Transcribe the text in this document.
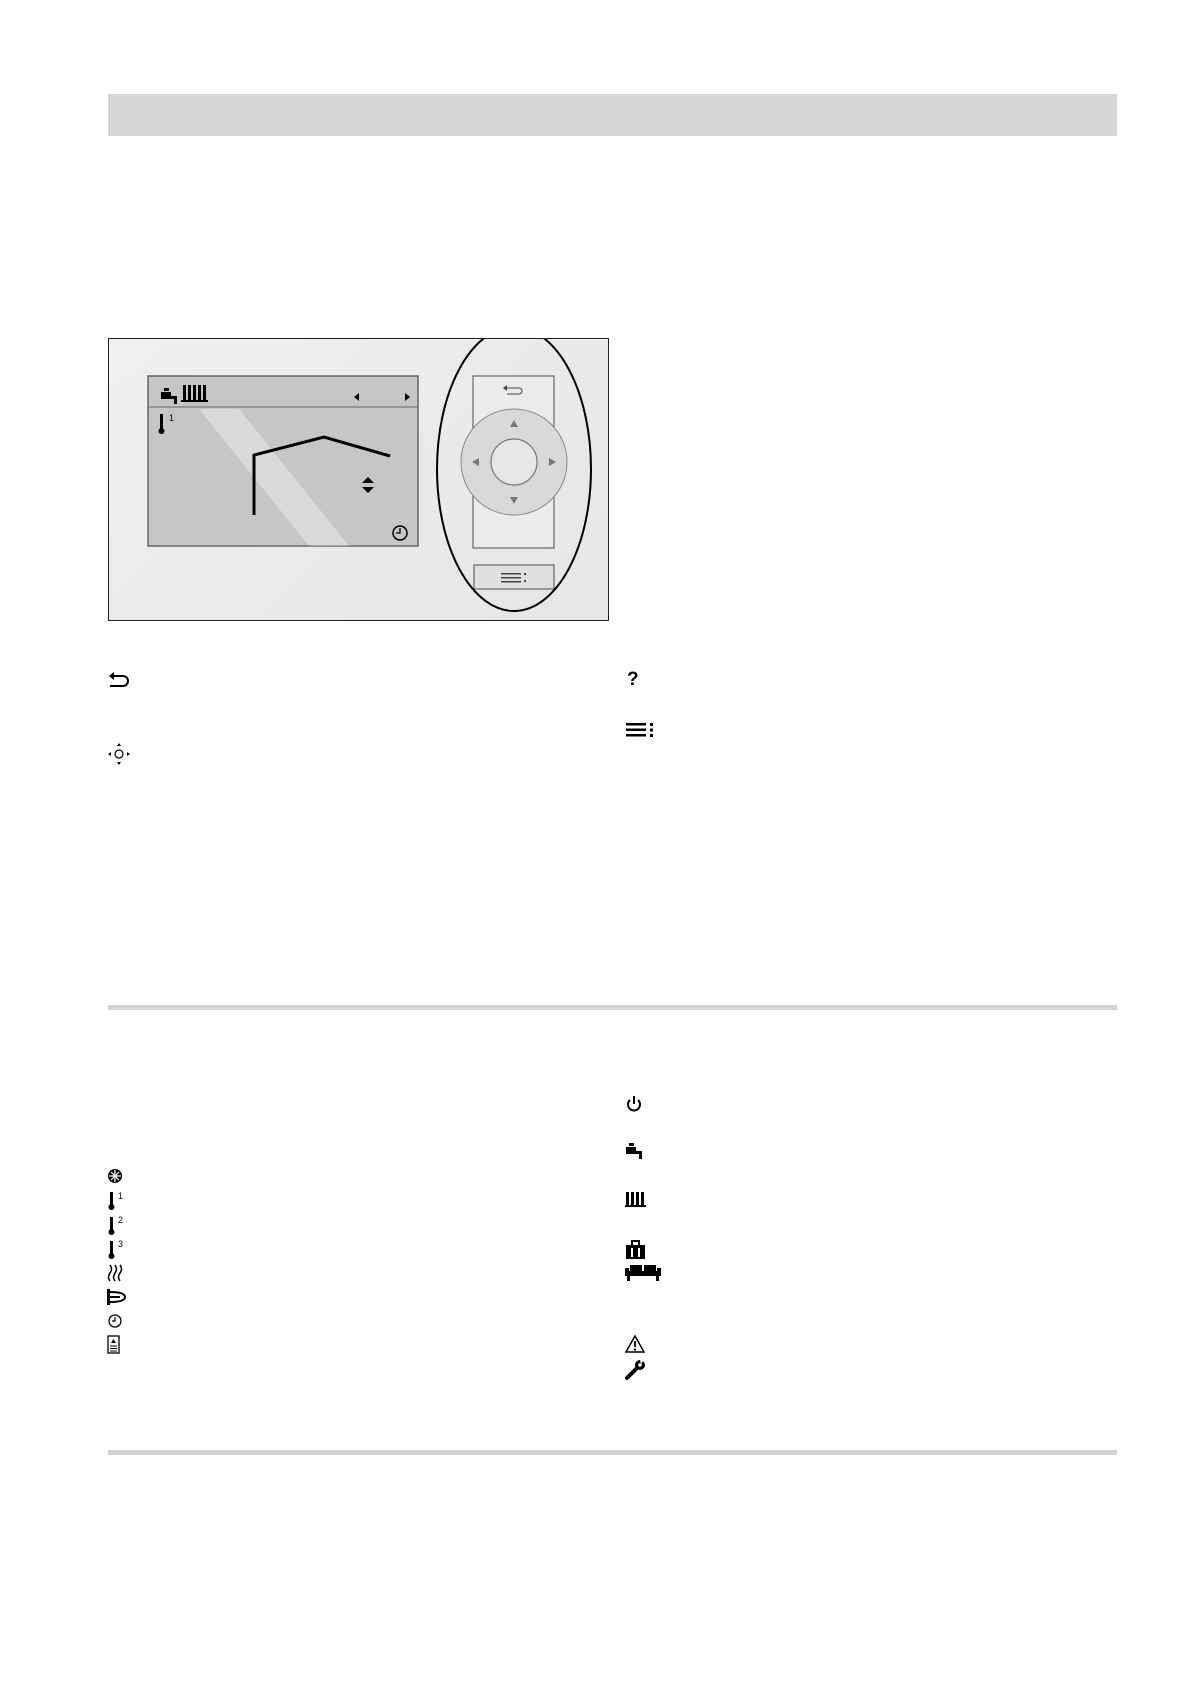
1
?
1
2
3
